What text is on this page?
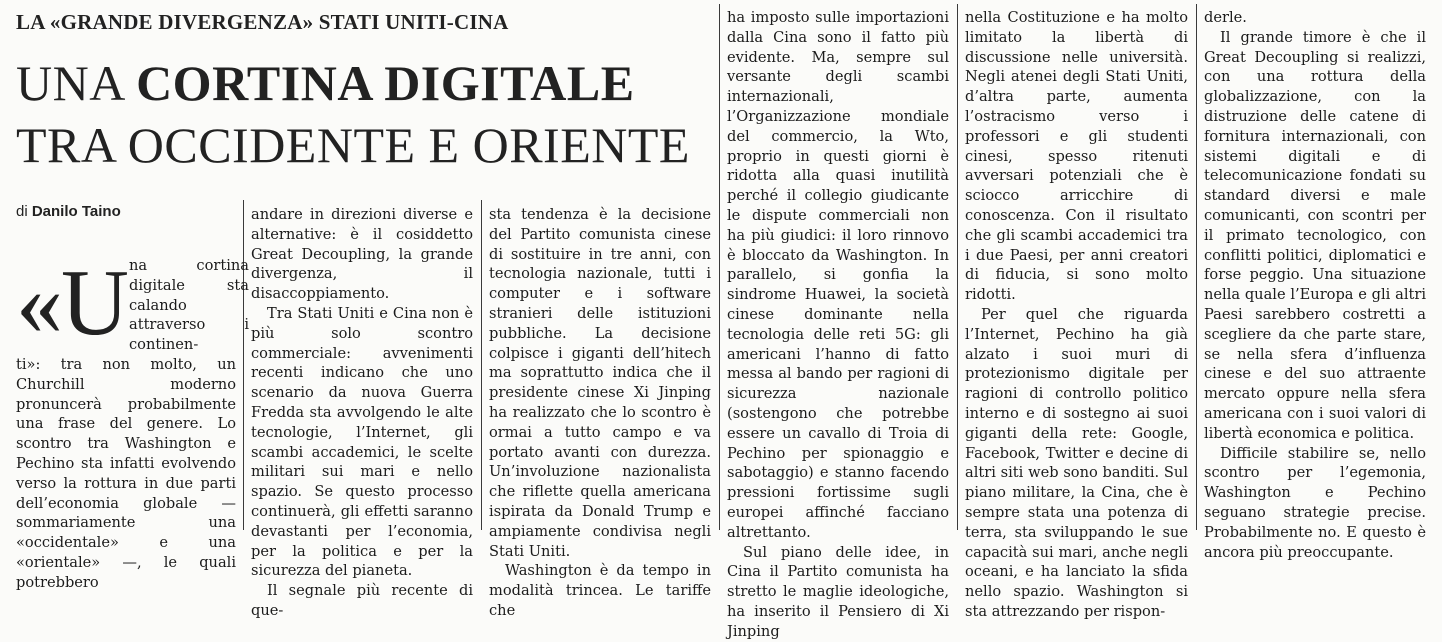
LA «GRANDE DIVERGENZA» STATI UNITI-CINA
UNA CORTINA DIGITALE
TRA OCCIDENTE E ORIENTE
di Danilo Taino
«U na cortina digitale sta calando attraverso i continen-

ti»: tra non molto, un Churchill moderno pronuncerà probabilmente una frase del genere. Lo scontro tra Washington e Pechino sta infatti evolvendo verso la rottura in due parti dell’economia globale — sommariamente una «occidentale» e una «orientale» —, le quali potrebbero

andare in direzioni diverse e alternative: è il cosiddetto Great Decoupling, la grande divergenza, il disaccoppiamento.

Tra Stati Uniti e Cina non è più solo scontro commerciale: avvenimenti recenti indicano che uno scenario da nuova Guerra Fredda sta avvolgendo le alte tecnologie, l’Internet, gli scambi accademici, le scelte militari sui mari e nello spazio. Se questo processo continuerà, gli effetti saranno devastanti per l’economia, per la politica e per la sicurezza del pianeta.

Il segnale più recente di que-

sta tendenza è la decisione del Partito comunista cinese di sostituire in tre anni, con tecnologia nazionale, tutti i computer e i software stranieri delle istituzioni pubbliche. La decisione colpisce i giganti dell’hitech ma soprattutto indica che il presidente cinese Xi Jinping ha realizzato che lo scontro è ormai a tutto campo e va portato avanti con durezza. Un’involuzione nazionalista che riflette quella americana ispirata da Donald Trump e ampiamente condivisa negli Stati Uniti.

Washington è da tempo in modalità trincea. Le tariffe che

ha imposto sulle importazioni dalla Cina sono il fatto più evidente. Ma, sempre sul versante degli scambi internazionali, l’Organizzazione mondiale del commercio, la Wto, proprio in questi giorni è ridotta alla quasi inutilità perché il collegio giudicante le dispute commerciali non ha più giudici: il loro rinnovo è bloccato da Washington. In parallelo, si gonfia la sindrome Huawei, la società cinese dominante nella tecnologia delle reti 5G: gli americani l’hanno di fatto messa al bando per ragioni di sicurezza nazionale (sostengono che potrebbe essere un cavallo di Troia di Pechino per spionaggio e sabotaggio) e stanno facendo pressioni fortissime sugli europei affinché facciano altrettanto.

Sul piano delle idee, in Cina il Partito comunista ha stretto le maglie ideologiche, ha inserito il Pensiero di Xi Jinping

nella Costituzione e ha molto limitato la libertà di discussione nelle università. Negli atenei degli Stati Uniti, d’altra parte, aumenta l’ostracismo verso i professori e gli studenti cinesi, spesso ritenuti avversari potenziali che è sciocco arricchire di conoscenza. Con il risultato che gli scambi accademici tra i due Paesi, per anni creatori di fiducia, si sono molto ridotti.

Per quel che riguarda l’Internet, Pechino ha già alzato i suoi muri di protezionismo digitale per ragioni di controllo politico interno e di sostegno ai suoi giganti della rete: Google, Facebook, Twitter e decine di altri siti web sono banditi. Sul piano militare, la Cina, che è sempre stata una potenza di terra, sta sviluppando le sue capacità sui mari, anche negli oceani, e ha lanciato la sfida nello spazio. Washington si sta attrezzando per rispon-

derle.

Il grande timore è che il Great Decoupling si realizzi, con una rottura della globalizzazione, con la distruzione delle catene di fornitura internazionali, con sistemi digitali e di telecomunicazione fondati su standard diversi e male comunicanti, con scontri per il primato tecnologico, con conflitti politici, diplomatici e forse peggio. Una situazione nella quale l’Europa e gli altri Paesi sarebbero costretti a scegliere da che parte stare, se nella sfera d’influenza cinese e del suo attraente mercato oppure nella sfera americana con i suoi valori di libertà economica e politica.

Difficile stabilire se, nello scontro per l’egemonia, Washington e Pechino seguano strategie precise. Probabilmente no. E questo è ancora più preoccupante.
